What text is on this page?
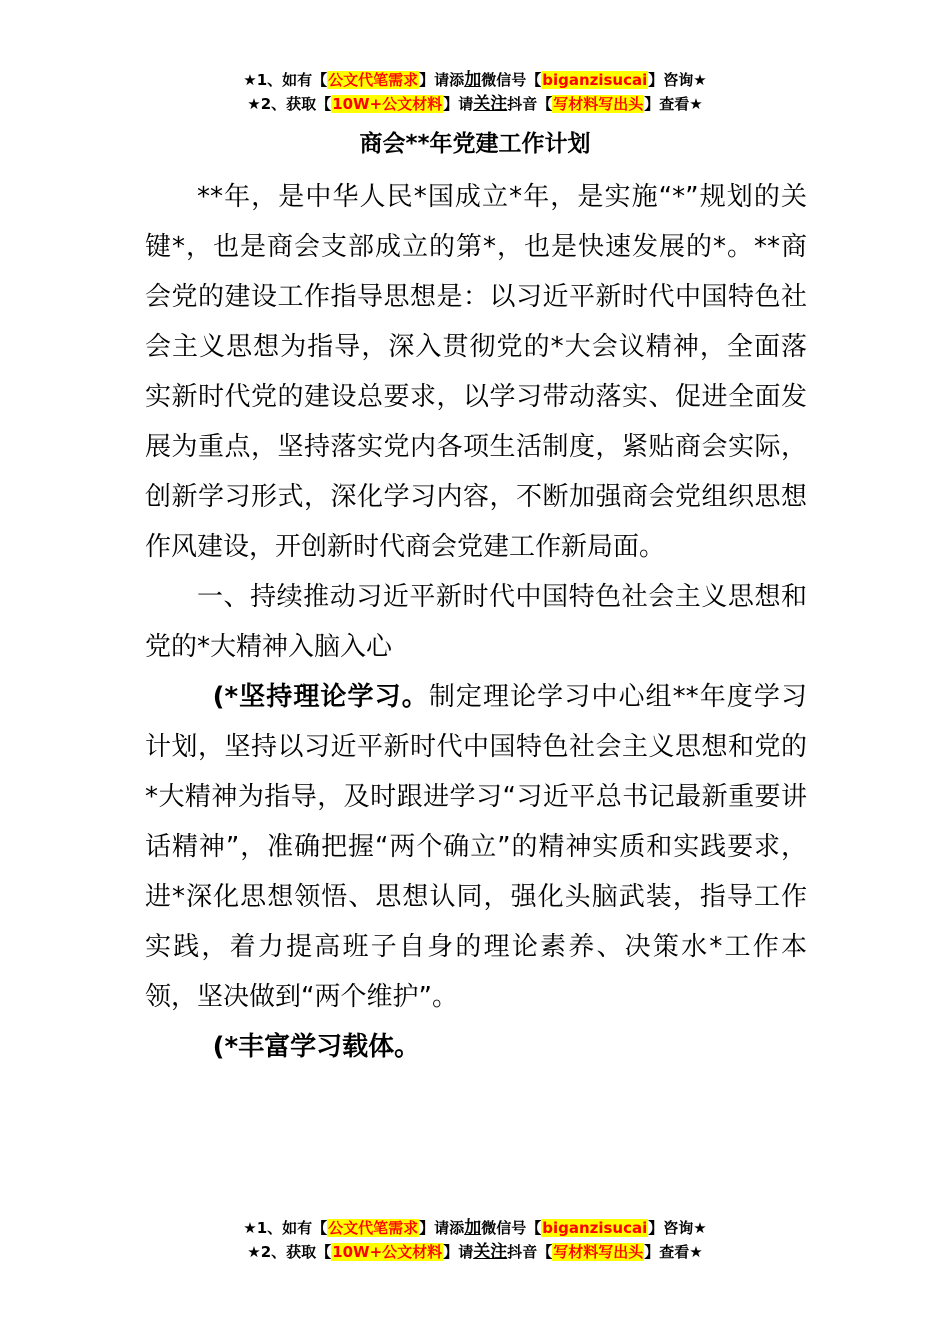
★1、如有【公文代笔需求】请添加微信号【biganzisucai】咨询★
★2、获取【10W+公文材料】请关注抖音【写材料写出头】查看★
商会**年党建工作计划

**年，是中华人民*国成立*年，是实施“*”规划的关键*，也是商会支部成立的第*，也是快速发展的*。**商会党的建设工作指导思想是：以习近平新时代中国特色社会主义思想为指导，深入贯彻党的*大会议精神，全面落实新时代党的建设总要求，以学习带动落实、促进全面发展为重点，坚持落实党内各项生活制度，紧贴商会实际，创新学习形式，深化学习内容，不断加强商会党组织思想作风建设，开创新时代商会党建工作新局面。

一、持续推动习近平新时代中国特色社会主义思想和党的*大精神入脑入心

(*坚持理论学习。制定理论学习中心组**年度学习计划，坚持以习近平新时代中国特色社会主义思想和党的*大精神为指导，及时跟进学习“习近平总书记最新重要讲话精神”，准确把握“两个确立”的精神实质和实践要求，进*深化思想领悟、思想认同，强化头脑武装，指导工作实践，着力提高班子自身的理论素养、决策水*工作本领，坚决做到“两个维护”。

(*丰富学习载体。

★1、如有【公文代笔需求】请添加微信号【biganzisucai】咨询★
★2、获取【10W+公文材料】请关注抖音【写材料写出头】查看★
